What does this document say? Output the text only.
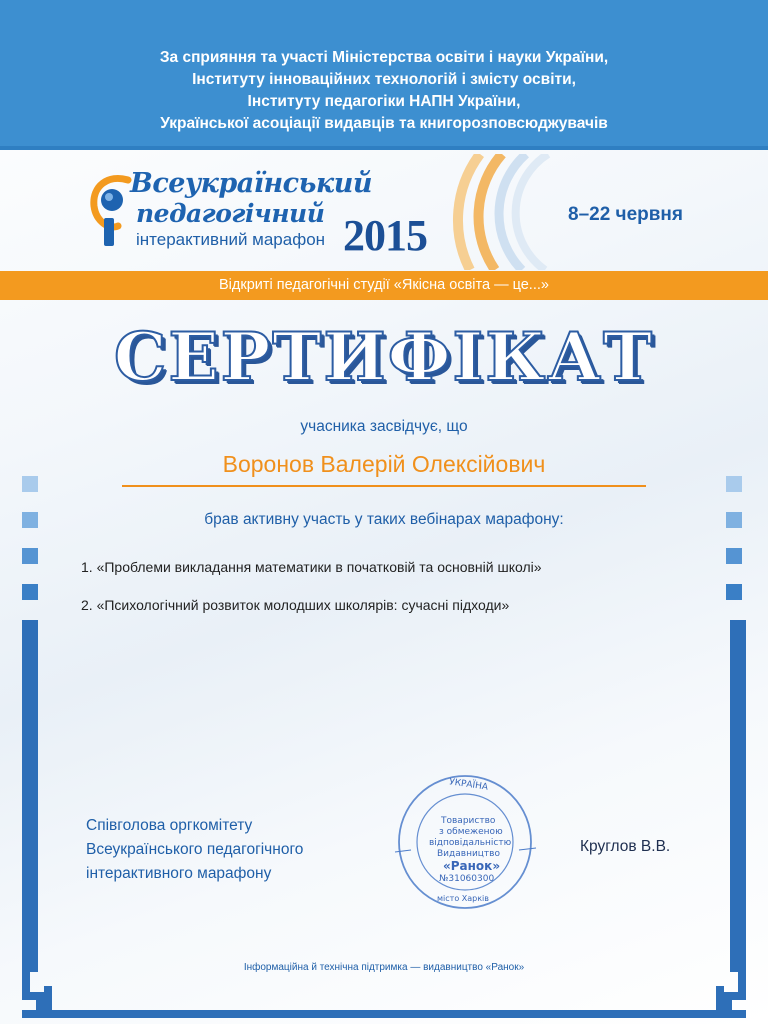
За сприяння та участі Міністерства освіти і науки України,
Інституту інноваційних технологій і змісту освіти,
Інституту педагогіки НАПН України,
Української асоціації видавців та книгорозповсюджувачів
Всеукраїнський
педагогічний
інтерактивний марафон 2015	8–22 червня
Відкриті педагогічні студії «Якісна освіта — це...»
СЕРТИФІКАТ
учасника засвідчує, що
Воронов Валерій Олексійович
брав активну участь у таких вебінарах марафону:
1. «Проблеми викладання математики в початковій та основній школі»
2. «Психологічний розвиток молодших школярів: сучасні підходи»
Співголова оргкомітету
Всеукраїнського педагогічного
інтерактивного марафону
УКРАЇНА
Товариство
з обмеженою
відповідальністю
Видавництво
«Ранок»
№31060300
місто Харків
Круглов В.В.
Інформаційна й технічна підтримка — видавництво «Ранок»
